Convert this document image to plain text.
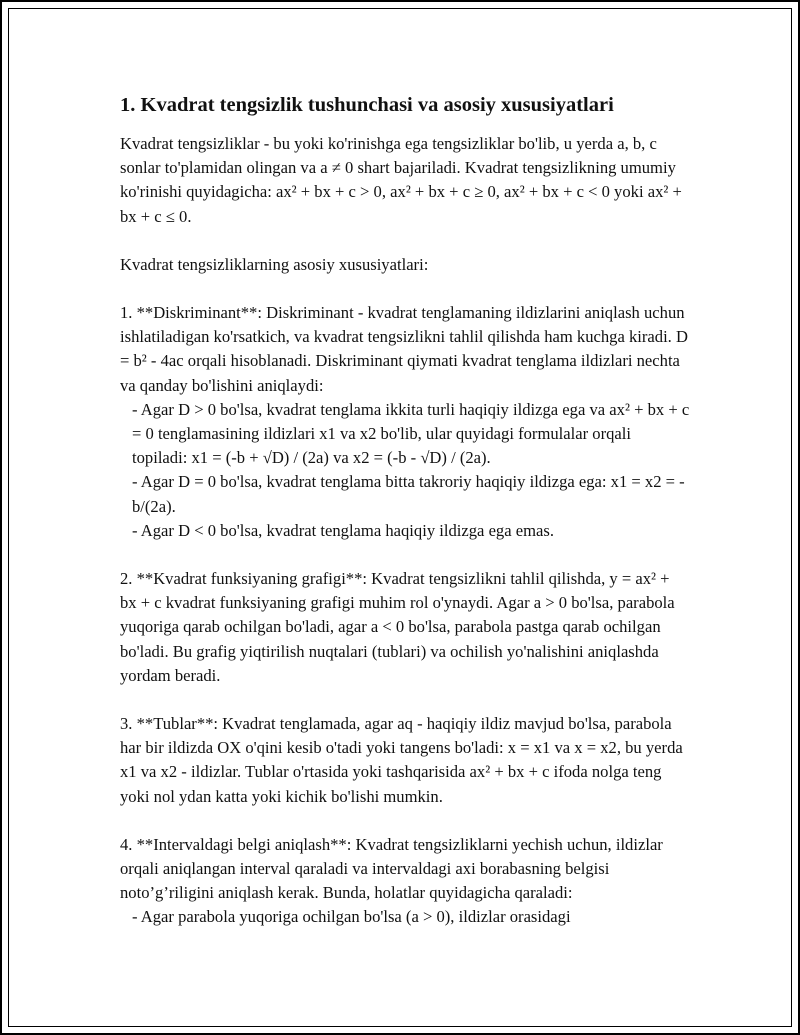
1. Kvadrat tengsizlik tushunchasi va asosiy xususiyatlari

Kvadrat tengsizliklar - bu yoki ko'rinishga ega tengsizliklar bo'lib, u yerda a, b, c sonlar to'plamidan olingan va a ≠ 0 shart bajariladi. Kvadrat tengsizlikning umumiy ko'rinishi quyidagicha: ax² + bx + c > 0, ax² + bx + c ≥ 0, ax² + bx + c < 0 yoki ax² + bx + c ≤ 0.

Kvadrat tengsizliklarning asosiy xususiyatlari:

1. **Diskriminant**: Diskriminant - kvadrat tenglamaning ildizlarini aniqlash uchun ishlatiladigan ko'rsatkich, va kvadrat tengsizlikni tahlil qilishda ham kuchga kiradi. D = b² - 4ac orqali hisoblanadi. Diskriminant qiymati kvadrat tenglama ildizlari nechta va qanday bo'lishini aniqlaydi:
- Agar D > 0 bo'lsa, kvadrat tenglama ikkita turli haqiqiy ildizga ega va ax² + bx + c = 0 tenglamasining ildizlari x1 va x2 bo'lib, ular quyidagi formulalar orqali topiladi: x1 = (-b + √D) / (2a) va x2 = (-b - √D) / (2a).
- Agar D = 0 bo'lsa, kvadrat tenglama bitta takroriy haqiqiy ildizga ega: x1 = x2 = -b/(2a).
- Agar D < 0 bo'lsa, kvadrat tenglama haqiqiy ildizga ega emas.
2. **Kvadrat funksiyaning grafigi**: Kvadrat tengsizlikni tahlil qilishda, y = ax² + bx + c kvadrat funksiyaning grafigi muhim rol o'ynaydi. Agar a > 0 bo'lsa, parabola yuqoriga qarab ochilgan bo'ladi, agar a < 0 bo'lsa, parabola pastga qarab ochilgan bo'ladi. Bu grafig yiqtirilish nuqtalari (tublari) va ochilish yo'nalishini aniqlashda yordam beradi.
3. **Tublar**: Kvadrat tenglamada, agar aq - haqiqiy ildiz mavjud bo'lsa, parabola har bir ildizda OX o'qini kesib o'tadi yoki tangens bo'ladi: x = x1 va x = x2, bu yerda x1 va x2 - ildizlar. Tublar o'rtasida yoki tashqarisida ax² + bx + c ifoda nolga teng yoki nol ydan katta yoki kichik bo'lishi mumkin.
4. **Intervaldagi belgi aniqlash**: Kvadrat tengsizliklarni yechish uchun, ildizlar orqali aniqlangan interval qaraladi va intervaldagi axi borabasning belgisi noto’g’riligini aniqlash kerak. Bunda, holatlar quyidagicha qaraladi:
- Agar parabola yuqoriga ochilgan bo'lsa (a > 0), ildizlar orasidagi
